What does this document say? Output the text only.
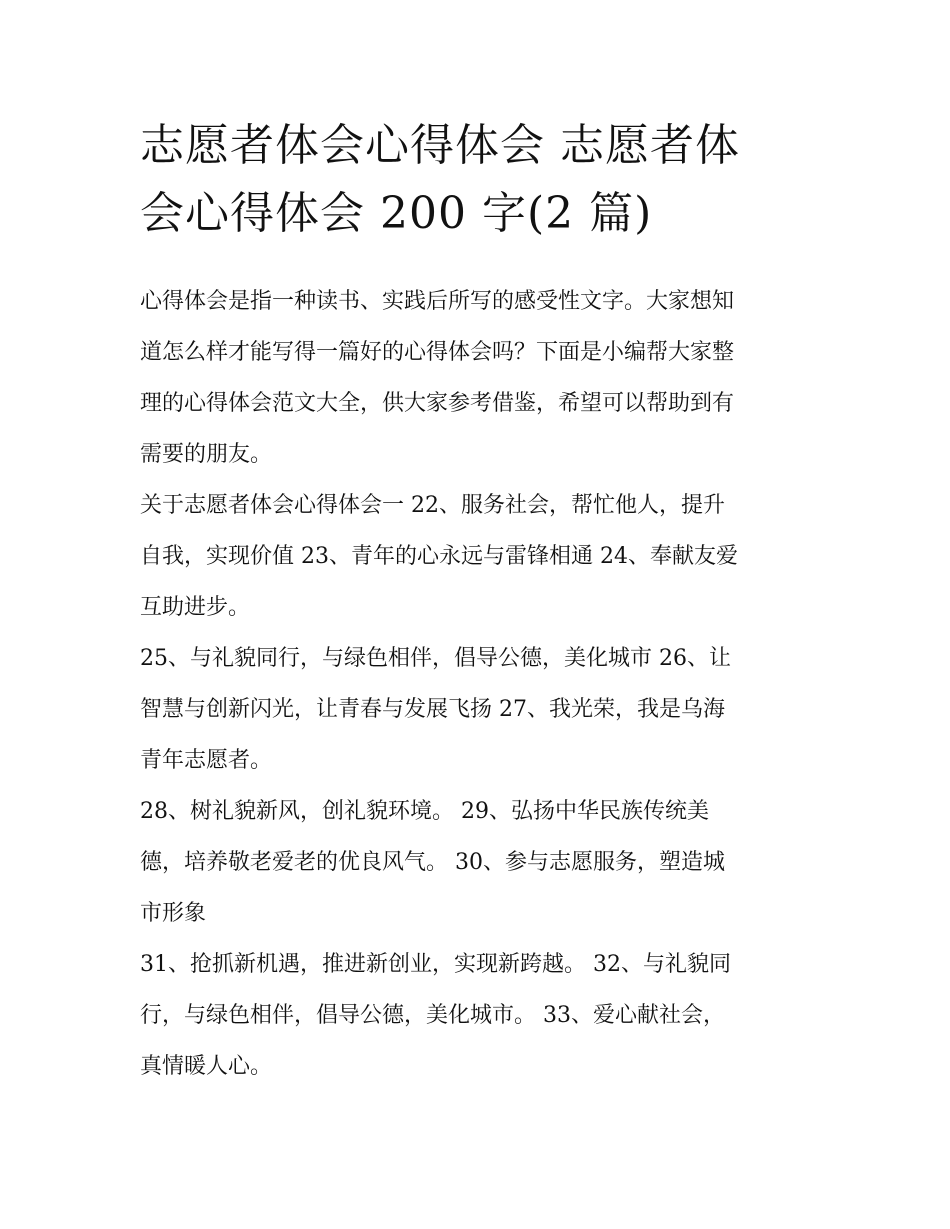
志愿者体会心得体会 志愿者体
会心得体会 200 字(2 篇)
心得体会是指一种读书、实践后所写的感受性文字。大家想知
道怎么样才能写得一篇好的心得体会吗？下面是小编帮大家整
理的心得体会范文大全，供大家参考借鉴，希望可以帮助到有
需要的朋友。
关于志愿者体会心得体会一 22、服务社会，帮忙他人，提升
自我，实现价值 23、青年的心永远与雷锋相通 24、奉献友爱
互助进步。
25、与礼貌同行，与绿色相伴，倡导公德，美化城市 26、让
智慧与创新闪光，让青春与发展飞扬 27、我光荣，我是乌海
青年志愿者。
28、树礼貌新风，创礼貌环境。 29、弘扬中华民族传统美
德，培养敬老爱老的优良风气。 30、参与志愿服务，塑造城
市形象
31、抢抓新机遇，推进新创业，实现新跨越。 32、与礼貌同
行，与绿色相伴，倡导公德，美化城市。 33、爱心献社会，
真情暖人心。
